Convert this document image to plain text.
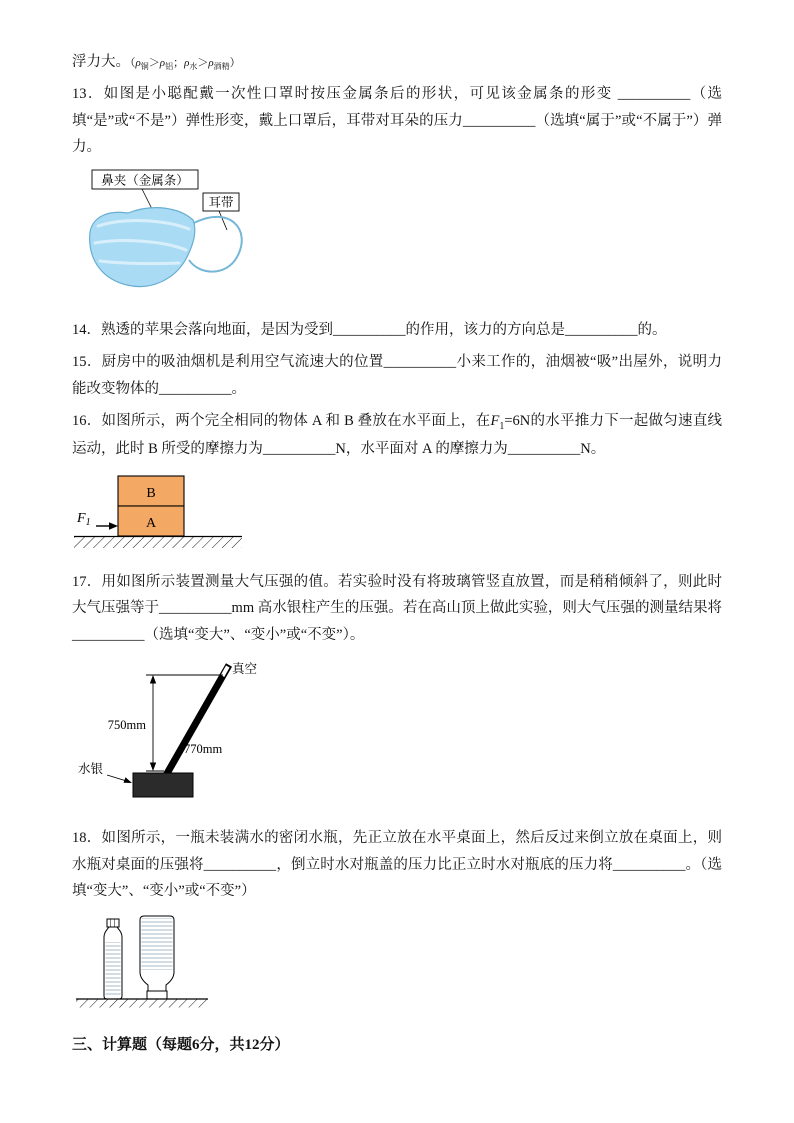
浮力大。（$\rho_铜>\rho_铝$；$\rho_水>\rho_{酒精}$）

13．如图是小聪配戴一次性口罩时按压金属条后的形状，可见该金属条的形变 __________（选填“是”或“不是”）弹性形变，戴上口罩后，耳带对耳朵的压力__________（选填“属于”或“不属于”）弹力。

鼻夹（金属条）
耳带

14．熟透的苹果会落向地面，是因为受到__________的作用，该力的方向总是__________的。

15．厨房中的吸油烟机是利用空气流速大的位置__________小来工作的，油烟被“吸”出屋外，说明力能改变物体的__________。

16．如图所示，两个完全相同的物体 A 和 B 叠放在水平面上，在$F_1=6N$的水平推力下一起做匀速直线运动，此时 B 所受的摩擦力为__________N，水平面对 A 的摩擦力为__________N。

B
A
$F_1$

17．用如图所示装置测量大气压强的值。若实验时没有将玻璃管竖直放置，而是稍稍倾斜了，则此时大气压强等于__________mm 高水银柱产生的压强。若在高山顶上做此实验，则大气压强的测量结果将__________（选填“变大”、“变小”或“不变”）。

750mm
真空
770mm
水银

18．如图所示，一瓶未装满水的密闭水瓶，先正立放在水平桌面上，然后反过来倒立放在桌面上，则水瓶对桌面的压强将__________，倒立时水对瓶盖的压力比正立时水对瓶底的压力将__________。（选填“变大”、“变小”或“不变”）

三、计算题（每题6分，共12分）
